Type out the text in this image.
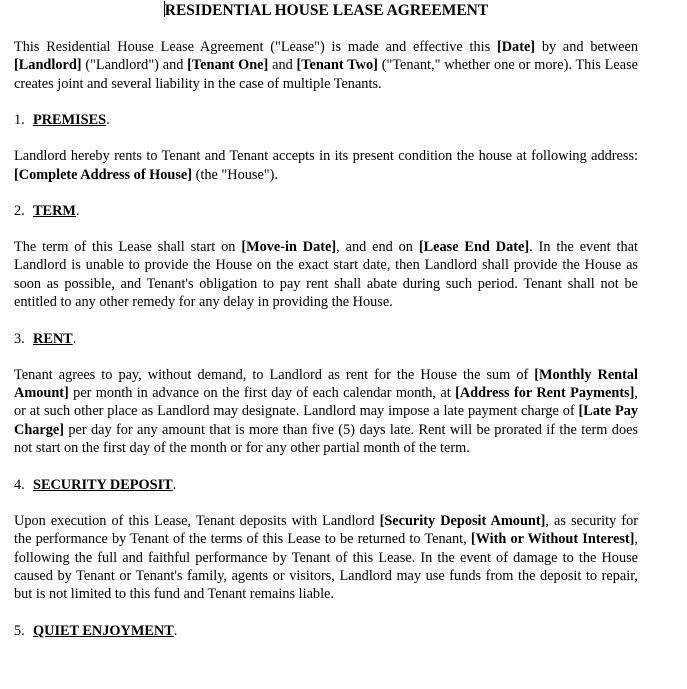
RESIDENTIAL HOUSE LEASE AGREEMENT

This Residential House Lease Agreement ("Lease") is made and effective this [Date] by and between [Landlord] ("Landlord") and [Tenant One] and [Tenant Two] ("Tenant," whether one or more). This Lease creates joint and several liability in the case of multiple Tenants.

1. PREMISES.

Landlord hereby rents to Tenant and Tenant accepts in its present condition the house at following address: [Complete Address of House] (the "House").

2. TERM.

The term of this Lease shall start on [Move-in Date], and end on [Lease End Date]. In the event that Landlord is unable to provide the House on the exact start date, then Landlord shall provide the House as soon as possible, and Tenant's obligation to pay rent shall abate during such period. Tenant shall not be entitled to any other remedy for any delay in providing the House.

3. RENT.

Tenant agrees to pay, without demand, to Landlord as rent for the House the sum of [Monthly Rental Amount] per month in advance on the first day of each calendar month, at [Address for Rent Payments], or at such other place as Landlord may designate. Landlord may impose a late payment charge of [Late Pay Charge] per day for any amount that is more than five (5) days late. Rent will be prorated if the term does not start on the first day of the month or for any other partial month of the term.

4. SECURITY DEPOSIT.

Upon execution of this Lease, Tenant deposits with Landlord [Security Deposit Amount], as security for the performance by Tenant of the terms of this Lease to be returned to Tenant, [With or Without Interest], following the full and faithful performance by Tenant of this Lease. In the event of damage to the House caused by Tenant or Tenant's family, agents or visitors, Landlord may use funds from the deposit to repair, but is not limited to this fund and Tenant remains liable.

5. QUIET ENJOYMENT.
